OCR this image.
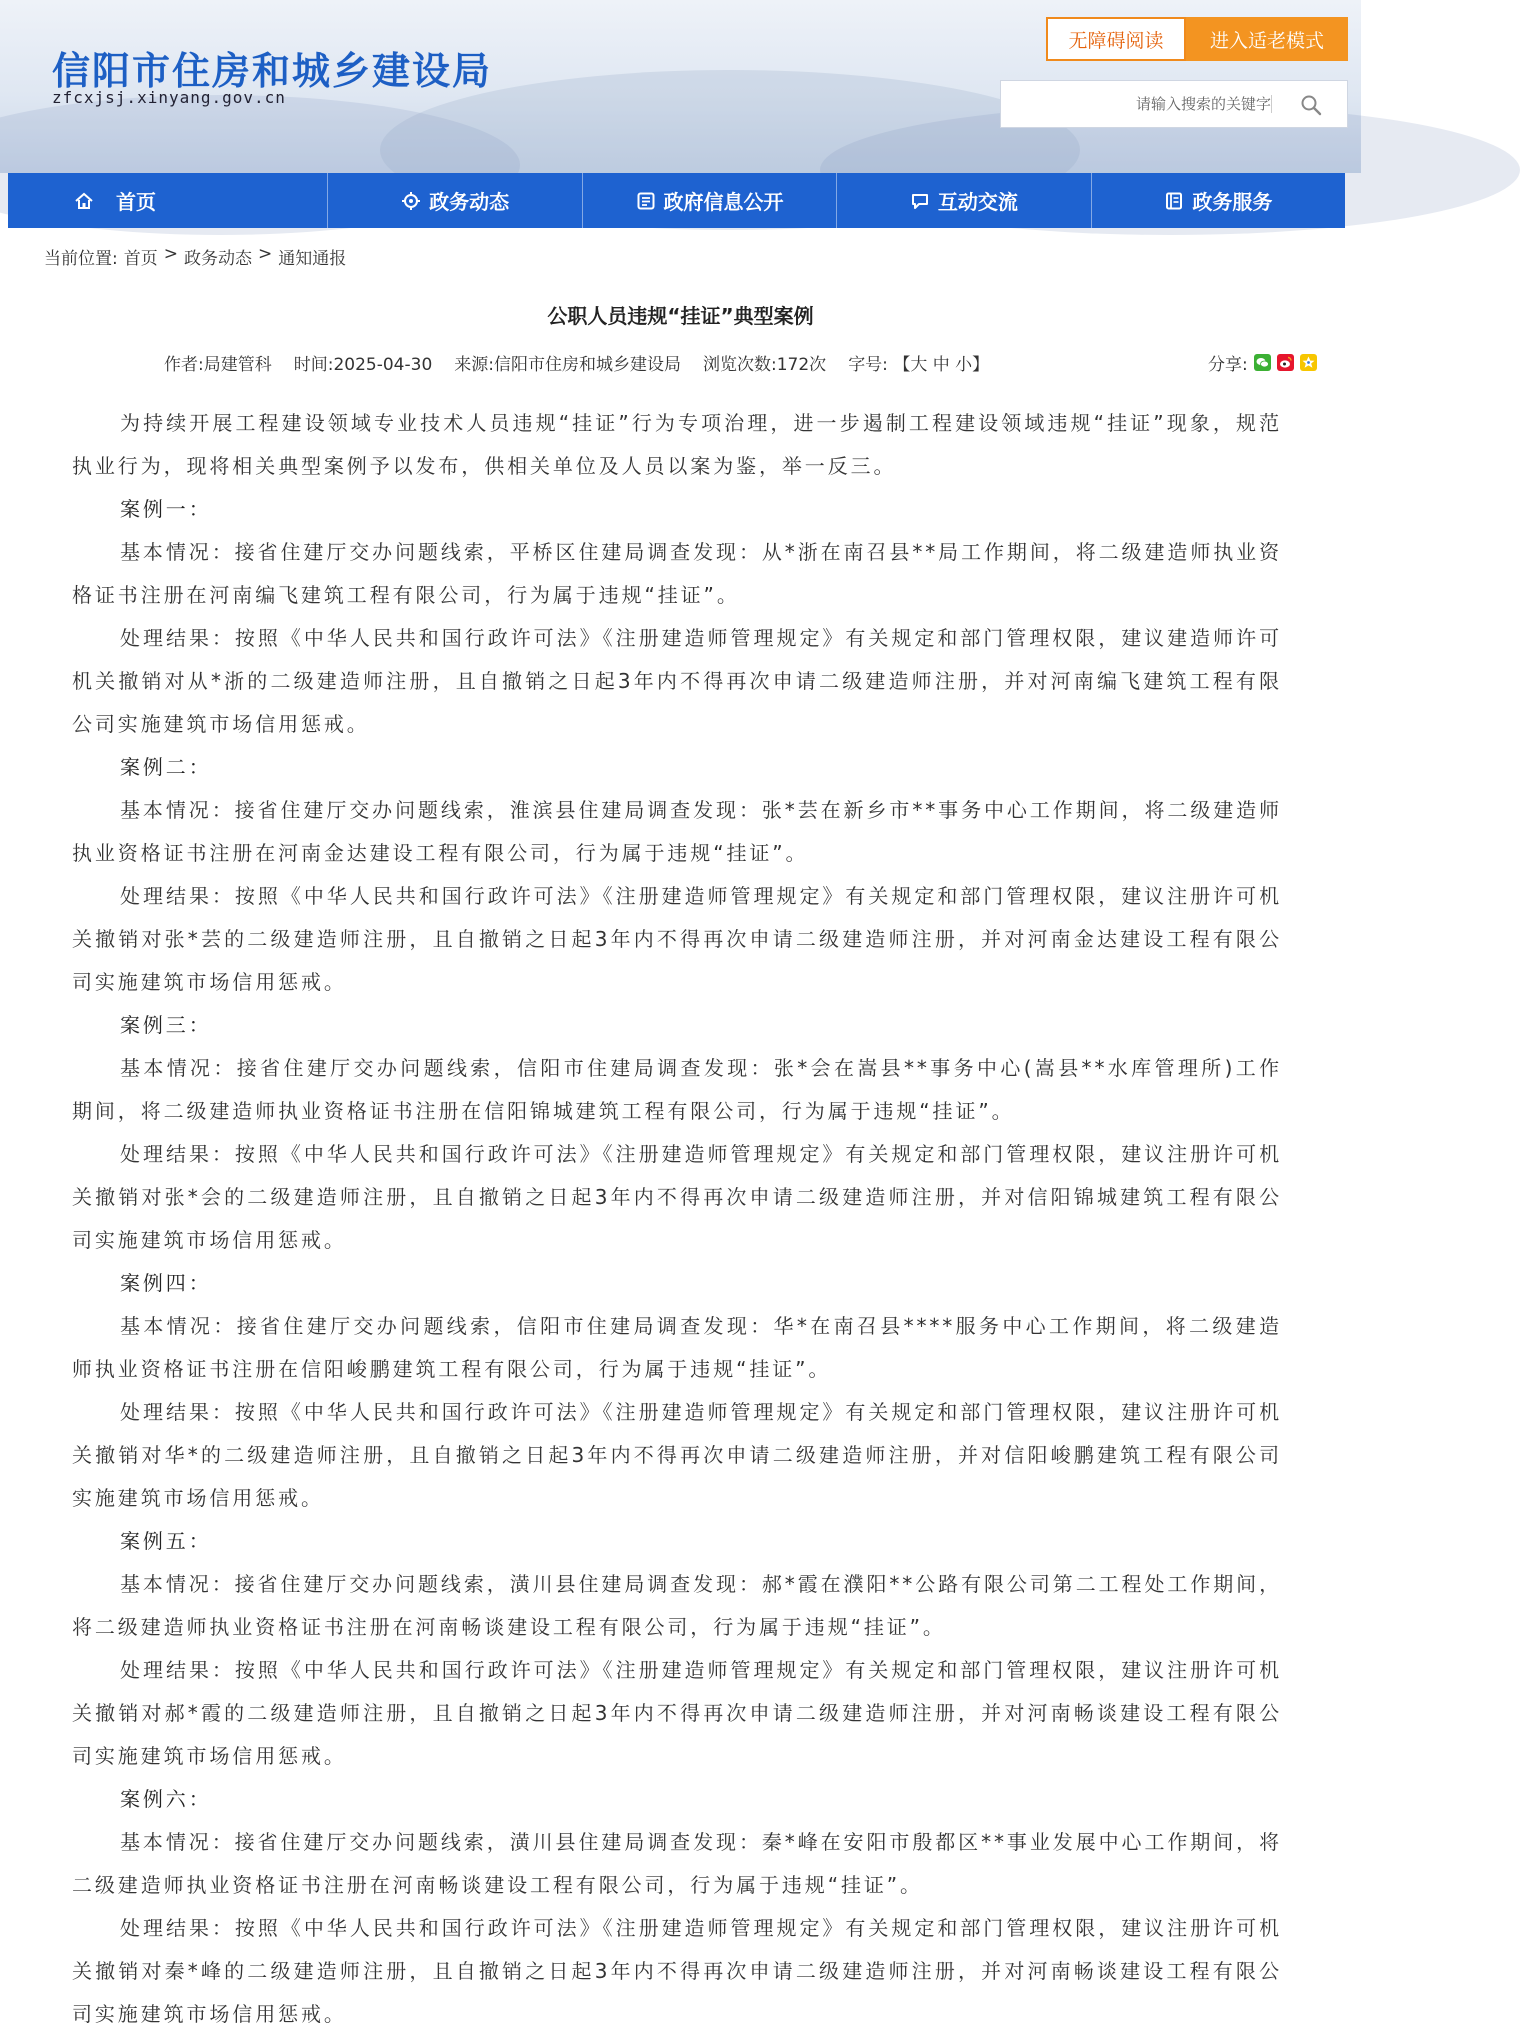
信阳市住房和城乡建设局
zfcxjsj.xinyang.gov.cn
无障碍阅读	进入适老模式
请输入搜索的关键字
首页	政务动态	政府信息公开	互动交流	政务服务
当前位置: 首页 > 政务动态 > 通知通报
公职人员违规“挂证”典型案例
作者:局建管科 时间:2025-04-30 来源:信阳市住房和城乡建设局 浏览次数:172次 字号: 【大 中 小】	分享:

为持续开展工程建设领域专业技术人员违规“挂证”行为专项治理，进一步遏制工程建设领域违规“挂证”现象，规范执业行为，现将相关典型案例予以发布，供相关单位及人员以案为鉴，举一反三。

案例一：

基本情况：接省住建厅交办问题线索，平桥区住建局调查发现：从*浙在南召县**局工作期间，将二级建造师执业资格证书注册在河南编飞建筑工程有限公司，行为属于违规“挂证”。

处理结果：按照《中华人民共和国行政许可法》《注册建造师管理规定》有关规定和部门管理权限，建议建造师许可机关撤销对从*浙的二级建造师注册，且自撤销之日起3年内不得再次申请二级建造师注册，并对河南编飞建筑工程有限公司实施建筑市场信用惩戒。

案例二：

基本情况：接省住建厅交办问题线索，淮滨县住建局调查发现：张*芸在新乡市**事务中心工作期间，将二级建造师执业资格证书注册在河南金达建设工程有限公司，行为属于违规“挂证”。

处理结果：按照《中华人民共和国行政许可法》《注册建造师管理规定》有关规定和部门管理权限，建议注册许可机关撤销对张*芸的二级建造师注册，且自撤销之日起3年内不得再次申请二级建造师注册，并对河南金达建设工程有限公司实施建筑市场信用惩戒。

案例三：

基本情况：接省住建厅交办问题线索，信阳市住建局调查发现：张*会在嵩县**事务中心(嵩县**水库管理所)工作期间，将二级建造师执业资格证书注册在信阳锦城建筑工程有限公司，行为属于违规“挂证”。

处理结果：按照《中华人民共和国行政许可法》《注册建造师管理规定》有关规定和部门管理权限，建议注册许可机关撤销对张*会的二级建造师注册，且自撤销之日起3年内不得再次申请二级建造师注册，并对信阳锦城建筑工程有限公司实施建筑市场信用惩戒。

案例四：

基本情况：接省住建厅交办问题线索，信阳市住建局调查发现：华*在南召县****服务中心工作期间，将二级建造师执业资格证书注册在信阳峻鹏建筑工程有限公司，行为属于违规“挂证”。

处理结果：按照《中华人民共和国行政许可法》《注册建造师管理规定》有关规定和部门管理权限，建议注册许可机关撤销对华*的二级建造师注册，且自撤销之日起3年内不得再次申请二级建造师注册，并对信阳峻鹏建筑工程有限公司实施建筑市场信用惩戒。

案例五：

基本情况：接省住建厅交办问题线索，潢川县住建局调查发现：郝*霞在濮阳**公路有限公司第二工程处工作期间，将二级建造师执业资格证书注册在河南畅谈建设工程有限公司，行为属于违规“挂证”。

处理结果：按照《中华人民共和国行政许可法》《注册建造师管理规定》有关规定和部门管理权限，建议注册许可机关撤销对郝*霞的二级建造师注册，且自撤销之日起3年内不得再次申请二级建造师注册，并对河南畅谈建设工程有限公司实施建筑市场信用惩戒。

案例六：

基本情况：接省住建厅交办问题线索，潢川县住建局调查发现：秦*峰在安阳市殷都区**事业发展中心工作期间，将二级建造师执业资格证书注册在河南畅谈建设工程有限公司，行为属于违规“挂证”。

处理结果：按照《中华人民共和国行政许可法》《注册建造师管理规定》有关规定和部门管理权限，建议注册许可机关撤销对秦*峰的二级建造师注册，且自撤销之日起3年内不得再次申请二级建造师注册，并对河南畅谈建设工程有限公司实施建筑市场信用惩戒。
